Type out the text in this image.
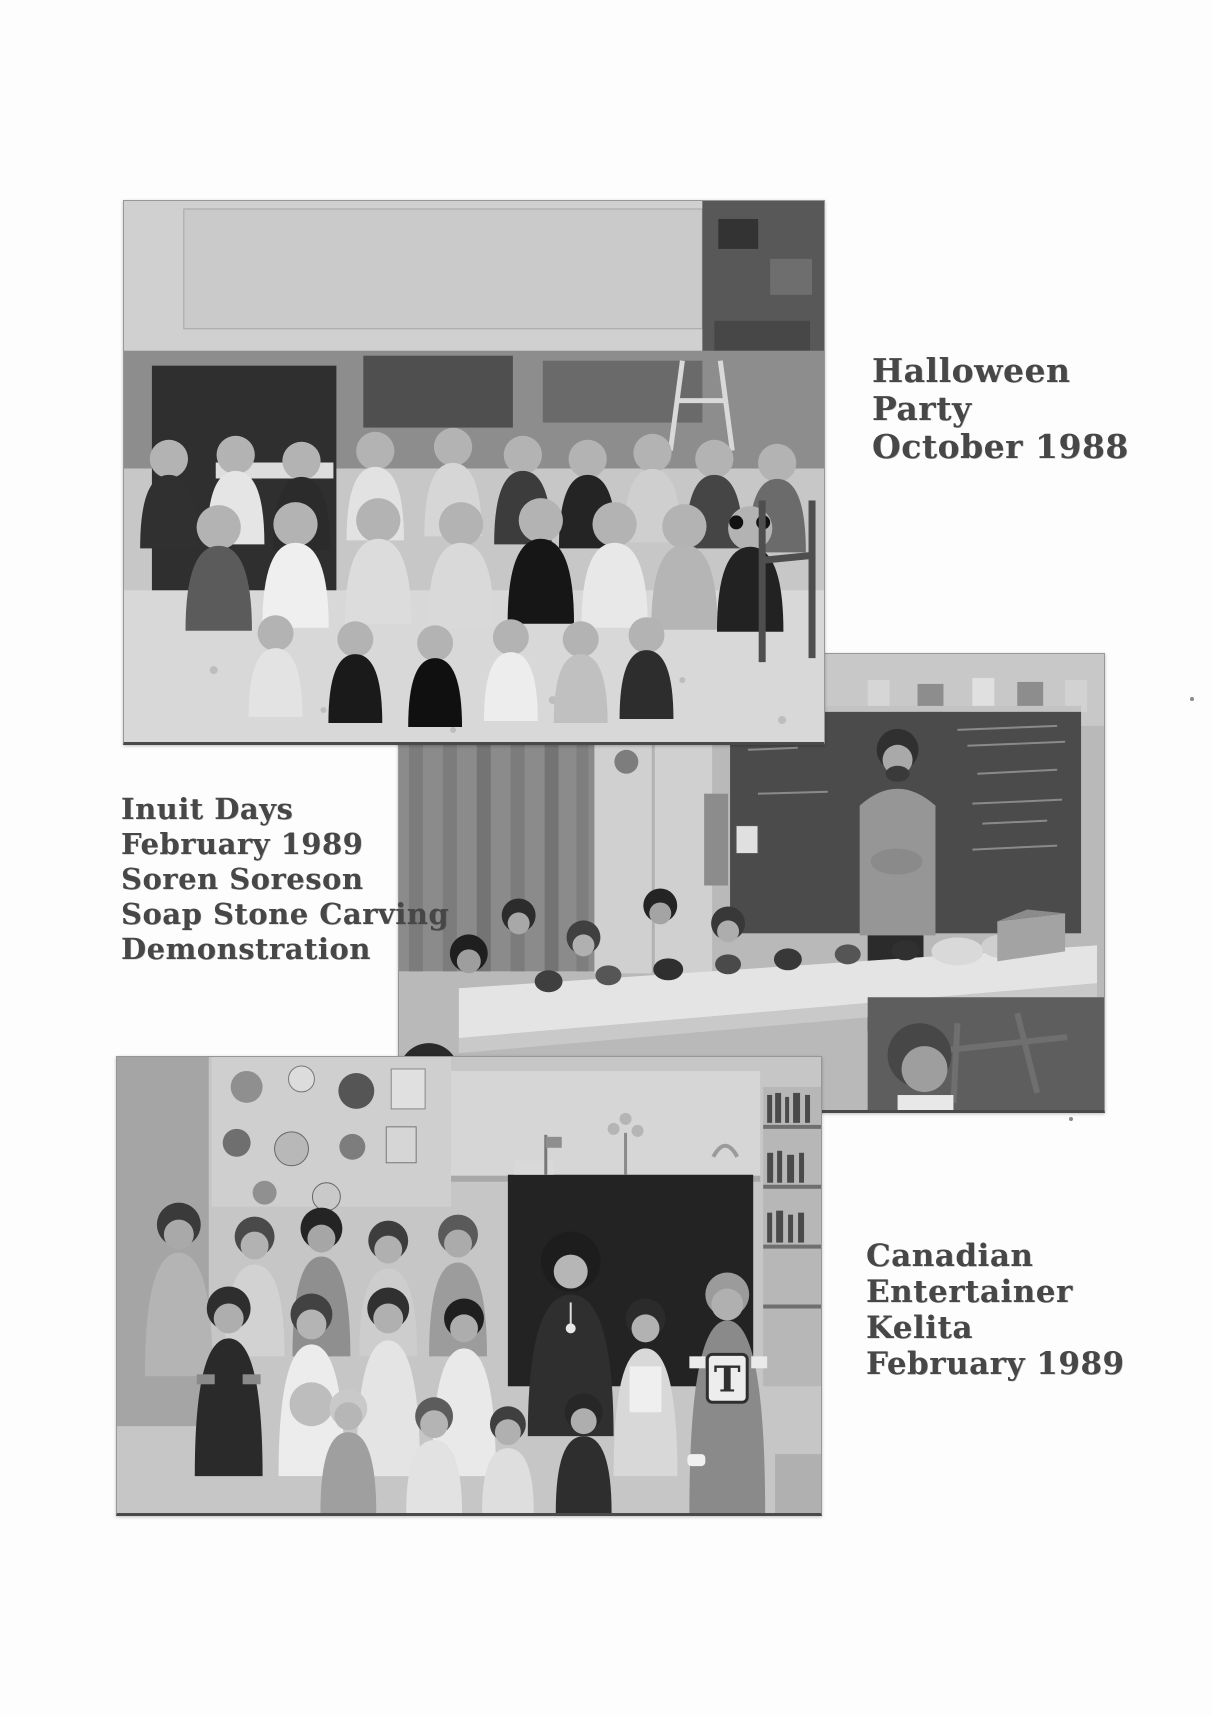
T
Halloween
Party
October 1988
Inuit Days
February 1989
Soren Soreson
Soap Stone Carving
Demonstration
Canadian
Entertainer
Kelita
February 1989
